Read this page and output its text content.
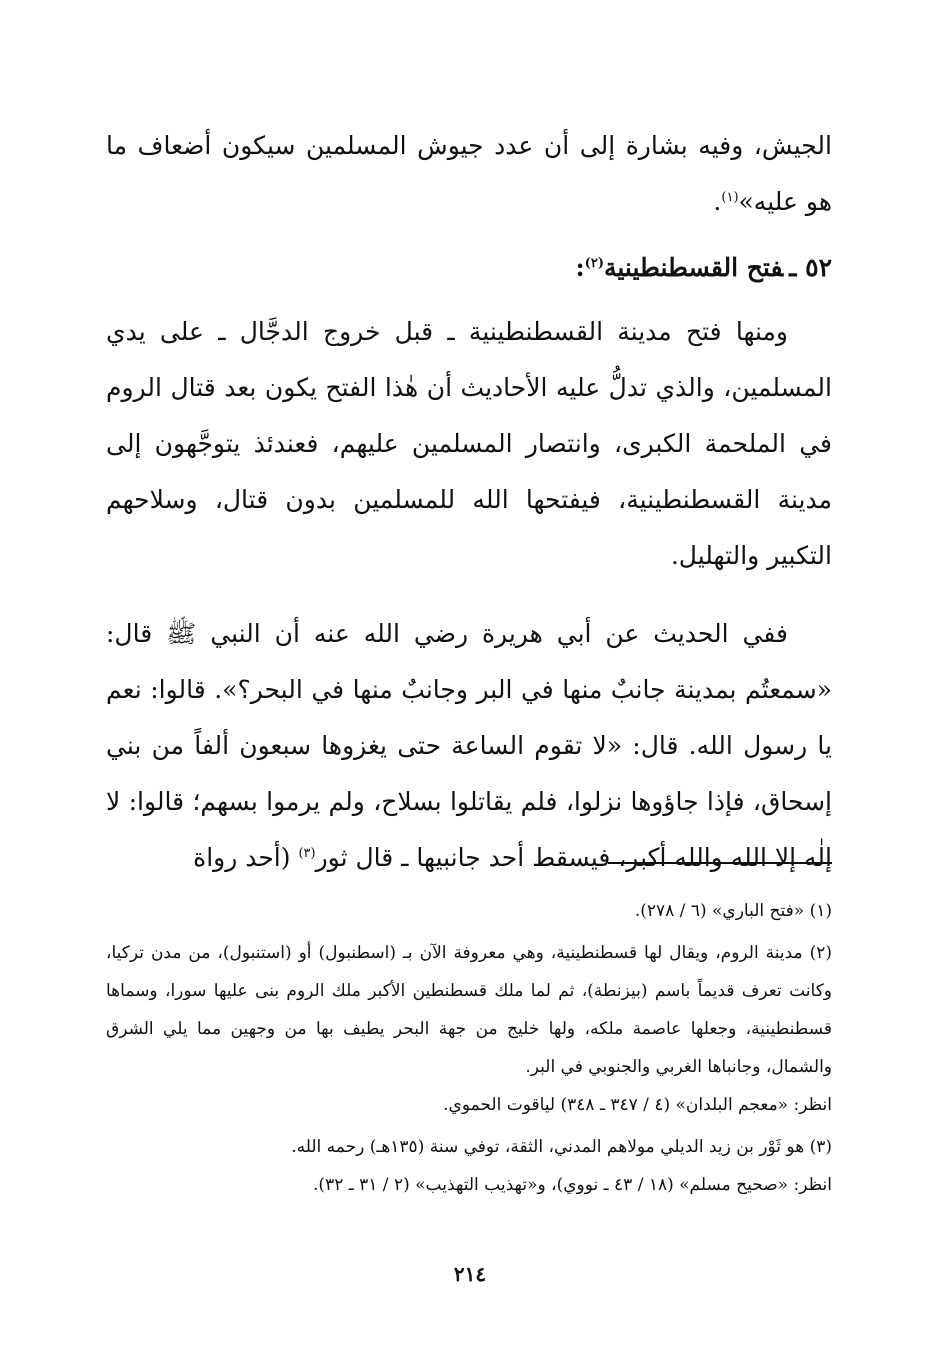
الجيش، وفيه بشارة إلى أن عدد جيوش المسلمين سيكون أضعاف ما هو عليه»$^{(١)}$.

٥٢ ـفتح القسطنطينية$^{(٢)}$:

ومنها فتح مدينة القسطنطينية ـ قبل خروج الدجَّال ـ على يدي المسلمين، والذي تدلُّ عليه الأحاديث أن هٰذا الفتح يكون بعد قتال الروم في الملحمة الكبرى، وانتصار المسلمين عليهم، فعندئذ يتوجَّهون إلى مدينة القسطنطينية، فيفتحها الله للمسلمين بدون قتال، وسلاحهم التكبير والتهليل.

ففي الحديث عن أبي هريرة رضي الله عنه أن النبي ﷺ قال: «سمعتُم بمدينة جانبٌ منها في البر وجانبٌ منها في البحر؟». قالوا: نعم يا رسول الله. قال: «لا تقوم الساعة حتى يغزوها سبعون ألفاً من بني إسحاق، فإذا جاؤوها نزلوا، فلم يقاتلوا بسلاح، ولم يرموا بسهم؛ قالوا: لا إلٰه إلا الله والله أكبر، فيسقط أحد جانبيها ـ قال ثور$^{(٣)}$ (أحد رواة

(١) «فتح الباري» (٦ / ٢٧٨).

(٢) مدينة الروم، ويقال لها قسطنطينية، وهي معروفة الآن بـ (اسطنبول) أو (استنبول)، من مدن تركيا، وكانت تعرف قديماً باسم (بيزنطة)، ثم لما ملك قسطنطين الأكبر ملك الروم بنى عليها سورا، وسماها قسطنطينية، وجعلها عاصمة ملكه، ولها خليج من جهة البحر يطيف بها من وجهين مما يلي الشرق والشمال، وجانباها الغربي والجنوبي في البر.

انظر: «معجم البلدان» (٤ / ٣٤٧ ـ ٣٤٨) لياقوت الحموي.

(٣) هو ثَوْر بن زيد الديلي مولاهم المدني، الثقة، توفي سنة (١٣٥هـ) رحمه الله.

انظر: «صحيح مسلم» (١٨ / ٤٣ ـ نووي)، و«تهذيب التهذيب» (٢ / ٣١ ـ ٣٢).

٢١٤
